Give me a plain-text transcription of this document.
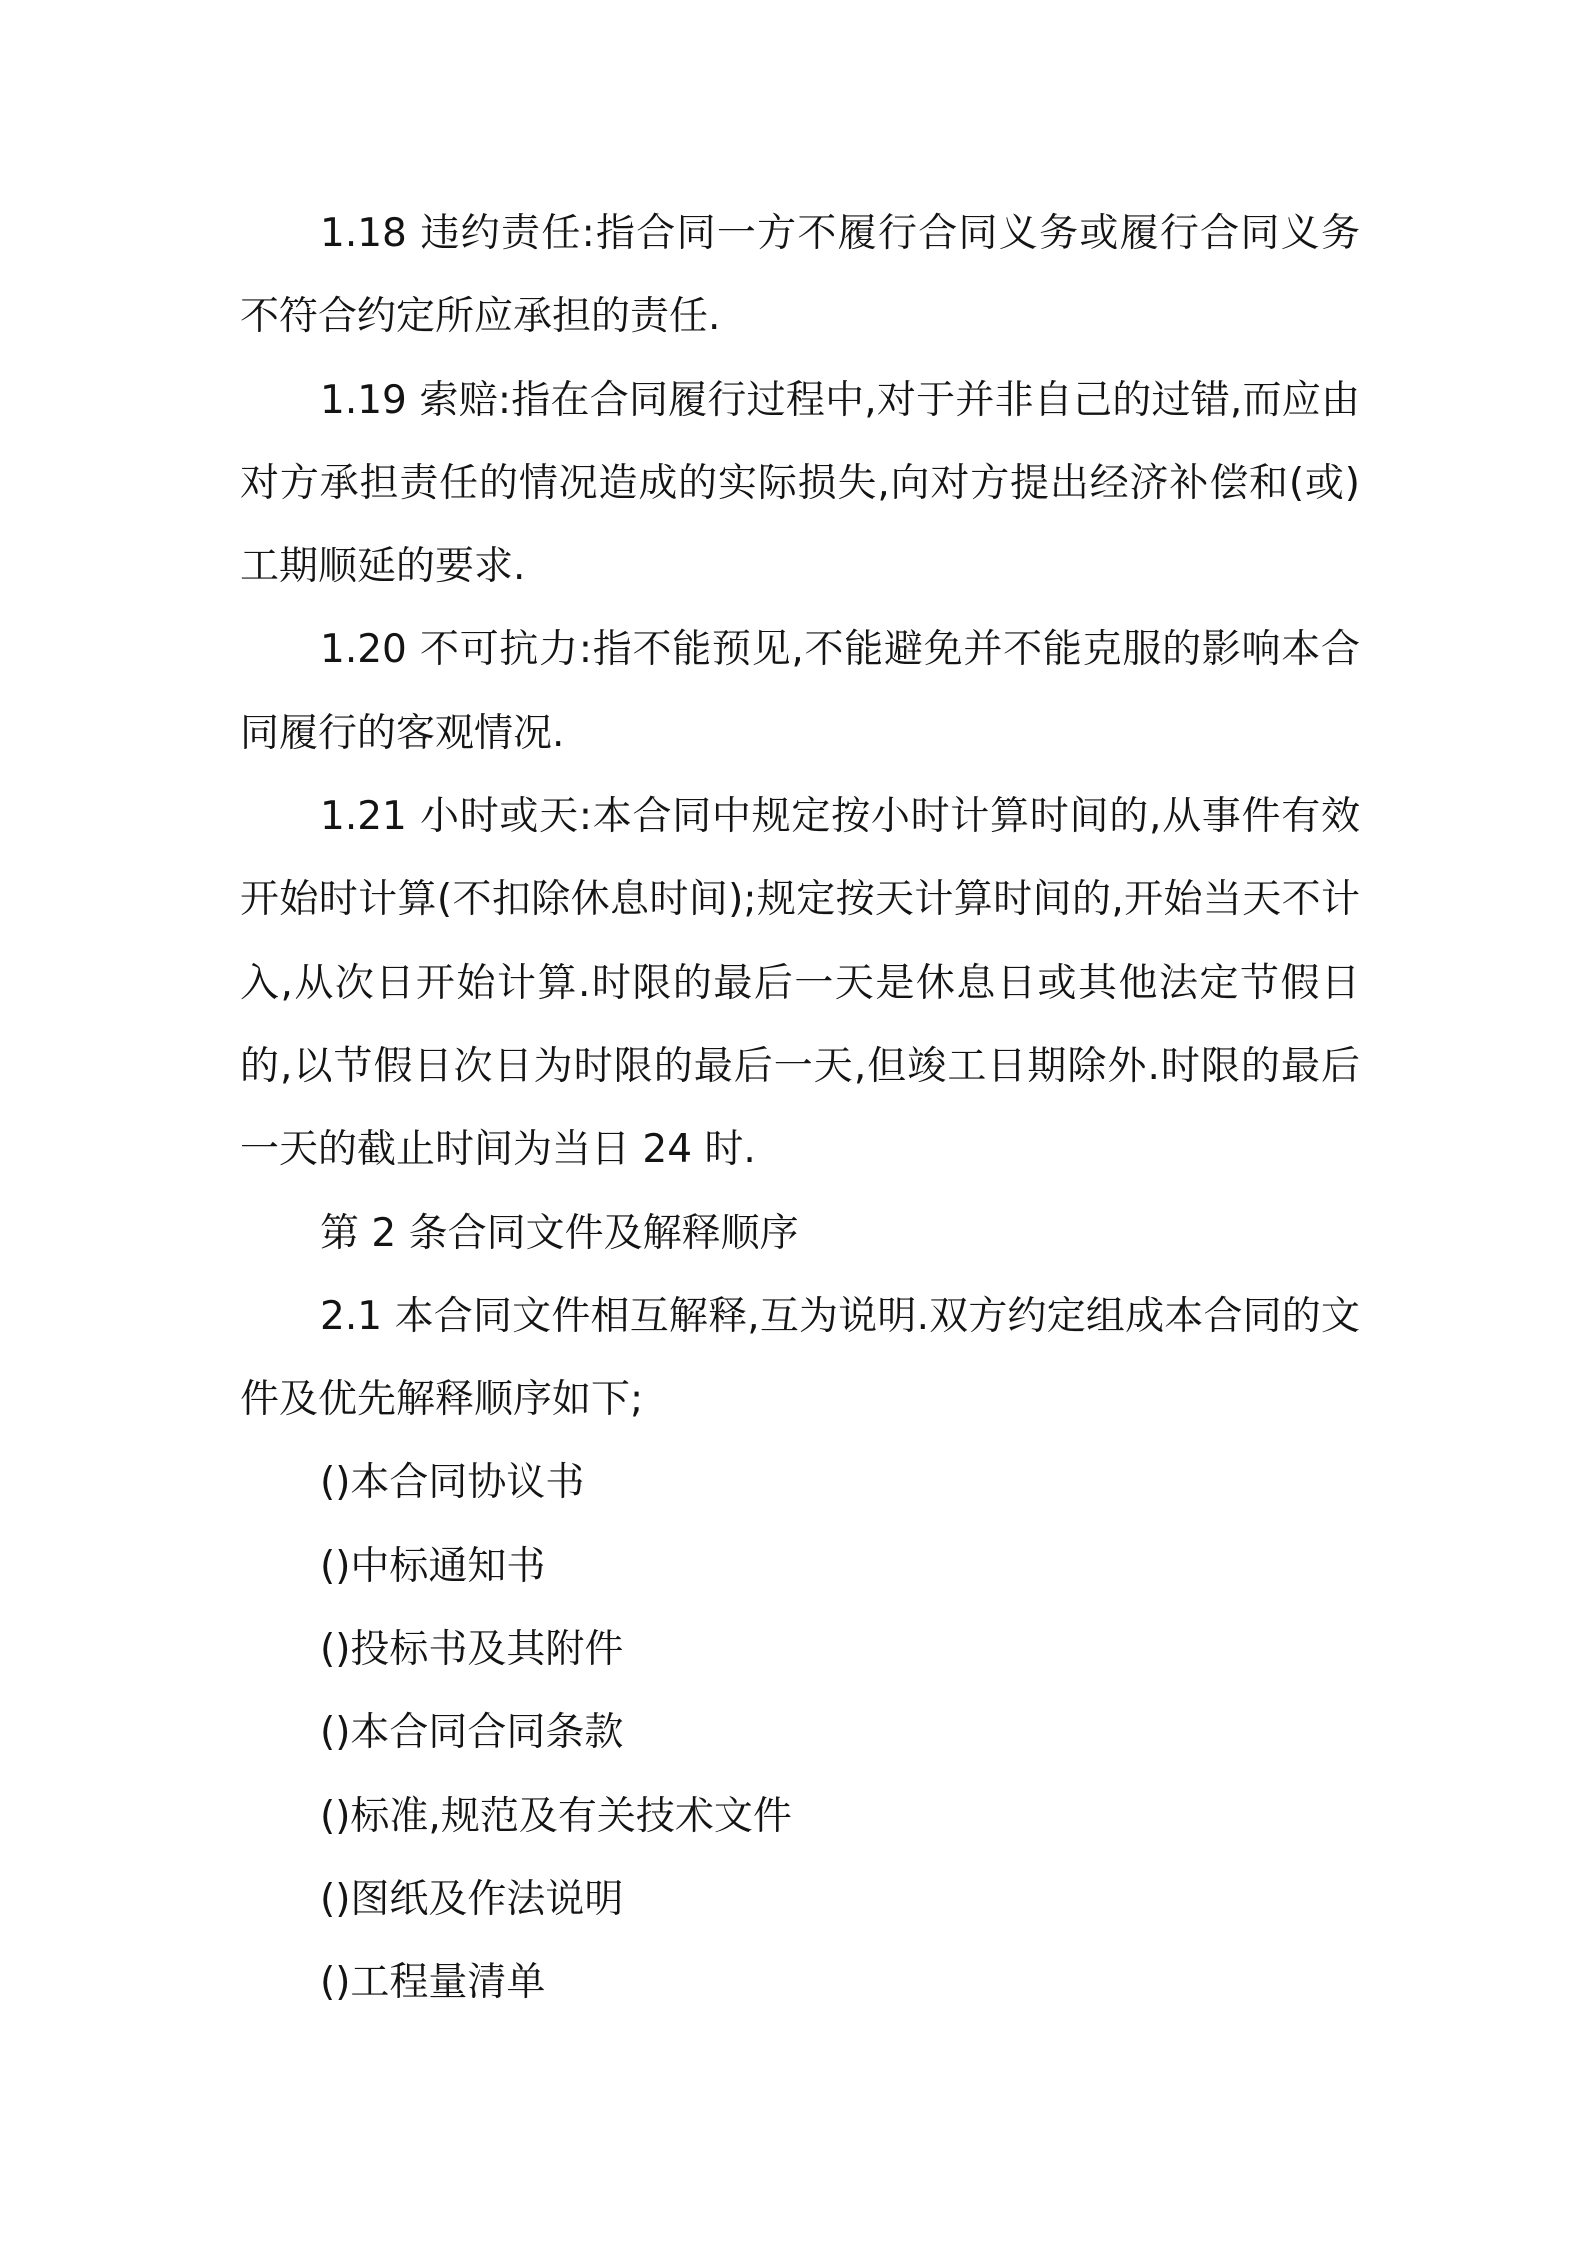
1.18 违约责任:指合同一方不履行合同义务或履行合同义务不符合约定所应承担的责任.

1.19 索赔:指在合同履行过程中,对于并非自己的过错,而应由对方承担责任的情况造成的实际损失,向对方提出经济补偿和(或)工期顺延的要求.

1.20 不可抗力:指不能预见,不能避免并不能克服的影响本合同履行的客观情况.

1.21 小时或天:本合同中规定按小时计算时间的,从事件有效开始时计算(不扣除休息时间);规定按天计算时间的,开始当天不计入,从次日开始计算.时限的最后一天是休息日或其他法定节假日的,以节假日次日为时限的最后一天,但竣工日期除外.时限的最后一天的截止时间为当日 24 时.

第 2 条合同文件及解释顺序

2.1 本合同文件相互解释,互为说明.双方约定组成本合同的文件及优先解释顺序如下;

()本合同协议书

()中标通知书

()投标书及其附件

()本合同合同条款

()标准,规范及有关技术文件

()图纸及作法说明

()工程量清单
